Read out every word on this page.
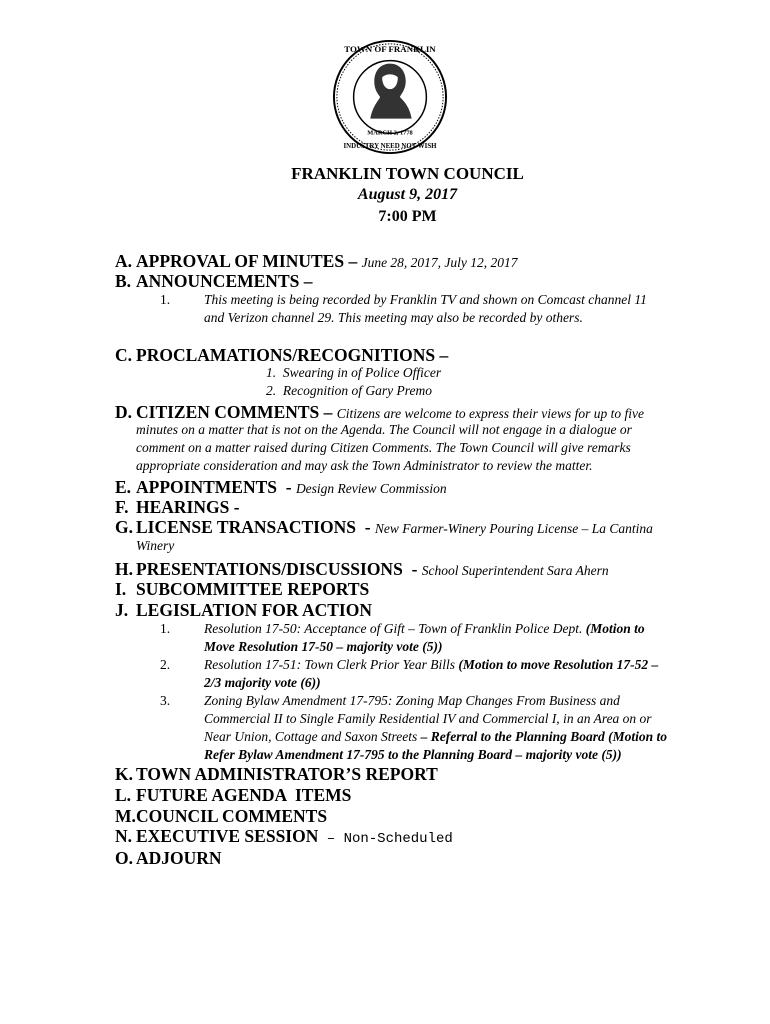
TOWN OF FRANKLIN
INDUSTRY NEED NOT WISH
MARCH 2, 1778
FRANKLIN TOWN COUNCIL
August 9, 2017
7:00 PM
A. APPROVAL OF MINUTES – June 28, 2017, July 12, 2017
B. ANNOUNCEMENTS –
1.	This meeting is being recorded by Franklin TV and shown on Comcast channel 11
and Verizon channel 29. This meeting may also be recorded by others.
C. PROCLAMATIONS/RECOGNITIONS –
1. Swearing in of Police Officer
2. Recognition of Gary Premo
D. CITIZEN COMMENTS – Citizens are welcome to express their views for up to five
minutes on a matter that is not on the Agenda. The Council will not engage in a dialogue or
comment on a matter raised during Citizen Comments. The Town Council will give remarks
appropriate consideration and may ask the Town Administrator to review the matter.
E. APPOINTMENTS  - Design Review Commission
F. HEARINGS -
G. LICENSE TRANSACTIONS  - New Farmer-Winery Pouring License – La Cantina
Winery
H. PRESENTATIONS/DISCUSSIONS  - School Superintendent Sara Ahern
I. SUBCOMMITTEE REPORTS
J. LEGISLATION FOR ACTION
1.	Resolution 17-50: Acceptance of Gift – Town of Franklin Police Dept. (Motion to
Move Resolution 17-50 – majority vote (5))
2.	Resolution 17-51: Town Clerk Prior Year Bills (Motion to move Resolution 17-52 –
2/3 majority vote (6))
3.	Zoning Bylaw Amendment 17-795: Zoning Map Changes From Business and
Commercial II to Single Family Residential IV and Commercial I, in an Area on or
Near Union, Cottage and Saxon Streets – Referral to the Planning Board (Motion to
Refer Bylaw Amendment 17-795 to the Planning Board – majority vote (5))
K. TOWN ADMINISTRATOR’S REPORT
L. FUTURE AGENDA  ITEMS
M.COUNCIL COMMENTS
N. EXECUTIVE SESSION – Non-Scheduled
O. ADJOURN
